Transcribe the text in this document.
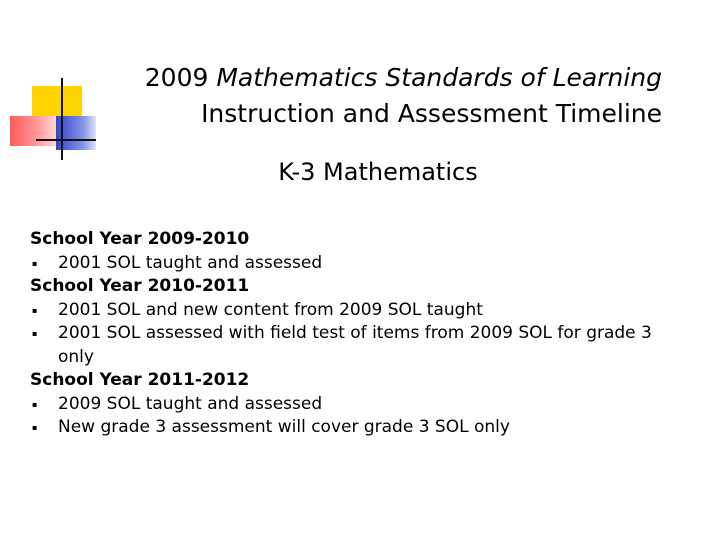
2009 Mathematics Standards of Learning
Instruction and Assessment Timeline
K-3 Mathematics
School Year 2009-2010
▪ 2001 SOL taught and assessed
School Year 2010-2011
▪ 2001 SOL and new content from 2009 SOL taught
▪ 2001 SOL assessed with field test of items from 2009 SOL for grade 3 only
School Year 2011-2012
▪ 2009 SOL taught and assessed
▪ New grade 3 assessment will cover grade 3 SOL only
